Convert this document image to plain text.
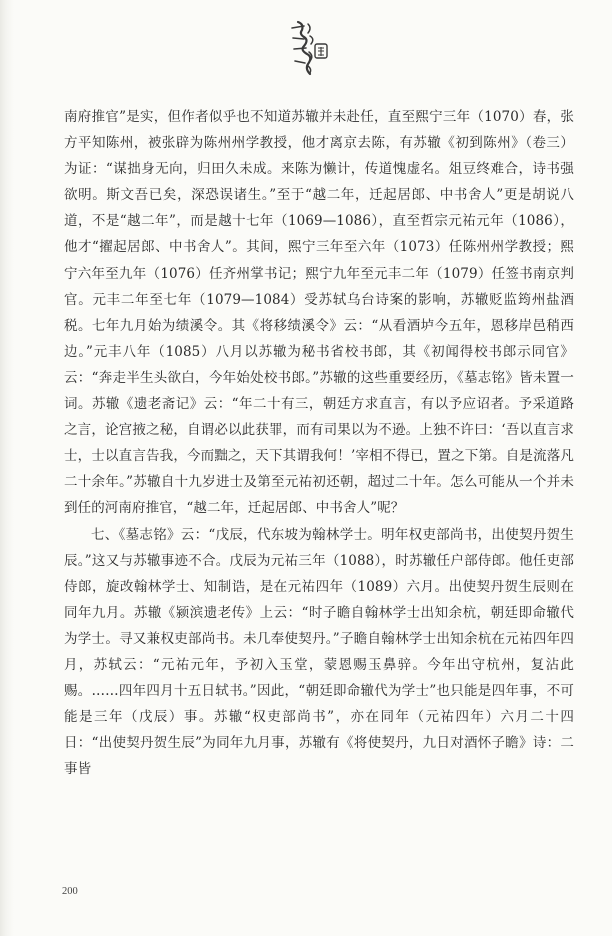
南府推官”是实，但作者似乎也不知道苏辙并未赴任，直至熙宁三年（1070）春，张方平知陈州，被张辟为陈州州学教授，他才离京去陈，有苏辙《初到陈州》（卷三）为证：“谋拙身无向，归田久未成。来陈为懒计，传道愧虚名。俎豆终难合，诗书强欲明。斯文吾已矣，深恐误诸生。”至于“越二年，迁起居郎、中书舍人”更是胡说八道，不是“越二年”，而是越十七年（1069—1086），直至哲宗元祐元年（1086），他才“擢起居郎、中书舍人”。其间，熙宁三年至六年（1073）任陈州州学教授；熙宁六年至九年（1076）任齐州掌书记；熙宁九年至元丰二年（1079）任签书南京判官。元丰二年至七年（1079—1084）受苏轼乌台诗案的影响，苏辙贬监筠州盐酒税。七年九月始为绩溪令。其《将移绩溪令》云：“从看酒垆今五年，恩移岸邑稍西边。”元丰八年（1085）八月以苏辙为秘书省校书郎，其《初闻得校书郎示同官》云：“奔走半生头欲白，今年始处校书郎。”苏辙的这些重要经历，《墓志铭》皆未置一词。苏辙《遗老斋记》云：“年二十有三，朝廷方求直言，有以予应诏者。予采道路之言，论宫掖之秘，自谓必以此获罪，而有司果以为不逊。上独不许曰：‘吾以直言求士，士以直言告我，今而黜之，天下其谓我何！’宰相不得已，置之下第。自是流落凡二十余年。”苏辙自十九岁进士及第至元祐初还朝，超过二十年。怎么可能从一个并未到任的河南府推官，“越二年，迁起居郎、中书舍人”呢？

七、《墓志铭》云：“戊辰，代东坡为翰林学士。明年权吏部尚书，出使契丹贺生辰。”这又与苏辙事迹不合。戊辰为元祐三年（1088），时苏辙任户部侍郎。他任吏部侍郎，旋改翰林学士、知制诰，是在元祐四年（1089）六月。出使契丹贺生辰则在同年九月。苏辙《颍滨遗老传》上云：“时子瞻自翰林学士出知余杭，朝廷即命辙代为学士。寻又兼权吏部尚书。未几奉使契丹。”子瞻自翰林学士出知余杭在元祐四年四月，苏轼云：“元祐元年，予初入玉堂，蒙恩赐玉鼻骍。今年出守杭州，复沾此赐。……四年四月十五日轼书。”因此，“朝廷即命辙代为学士”也只能是四年事，不可能是三年（戊辰）事。苏辙“权吏部尚书”，亦在同年（元祐四年）六月二十四日：“出使契丹贺生辰”为同年九月事，苏辙有《将使契丹，九日对酒怀子瞻》诗：二事皆

200
